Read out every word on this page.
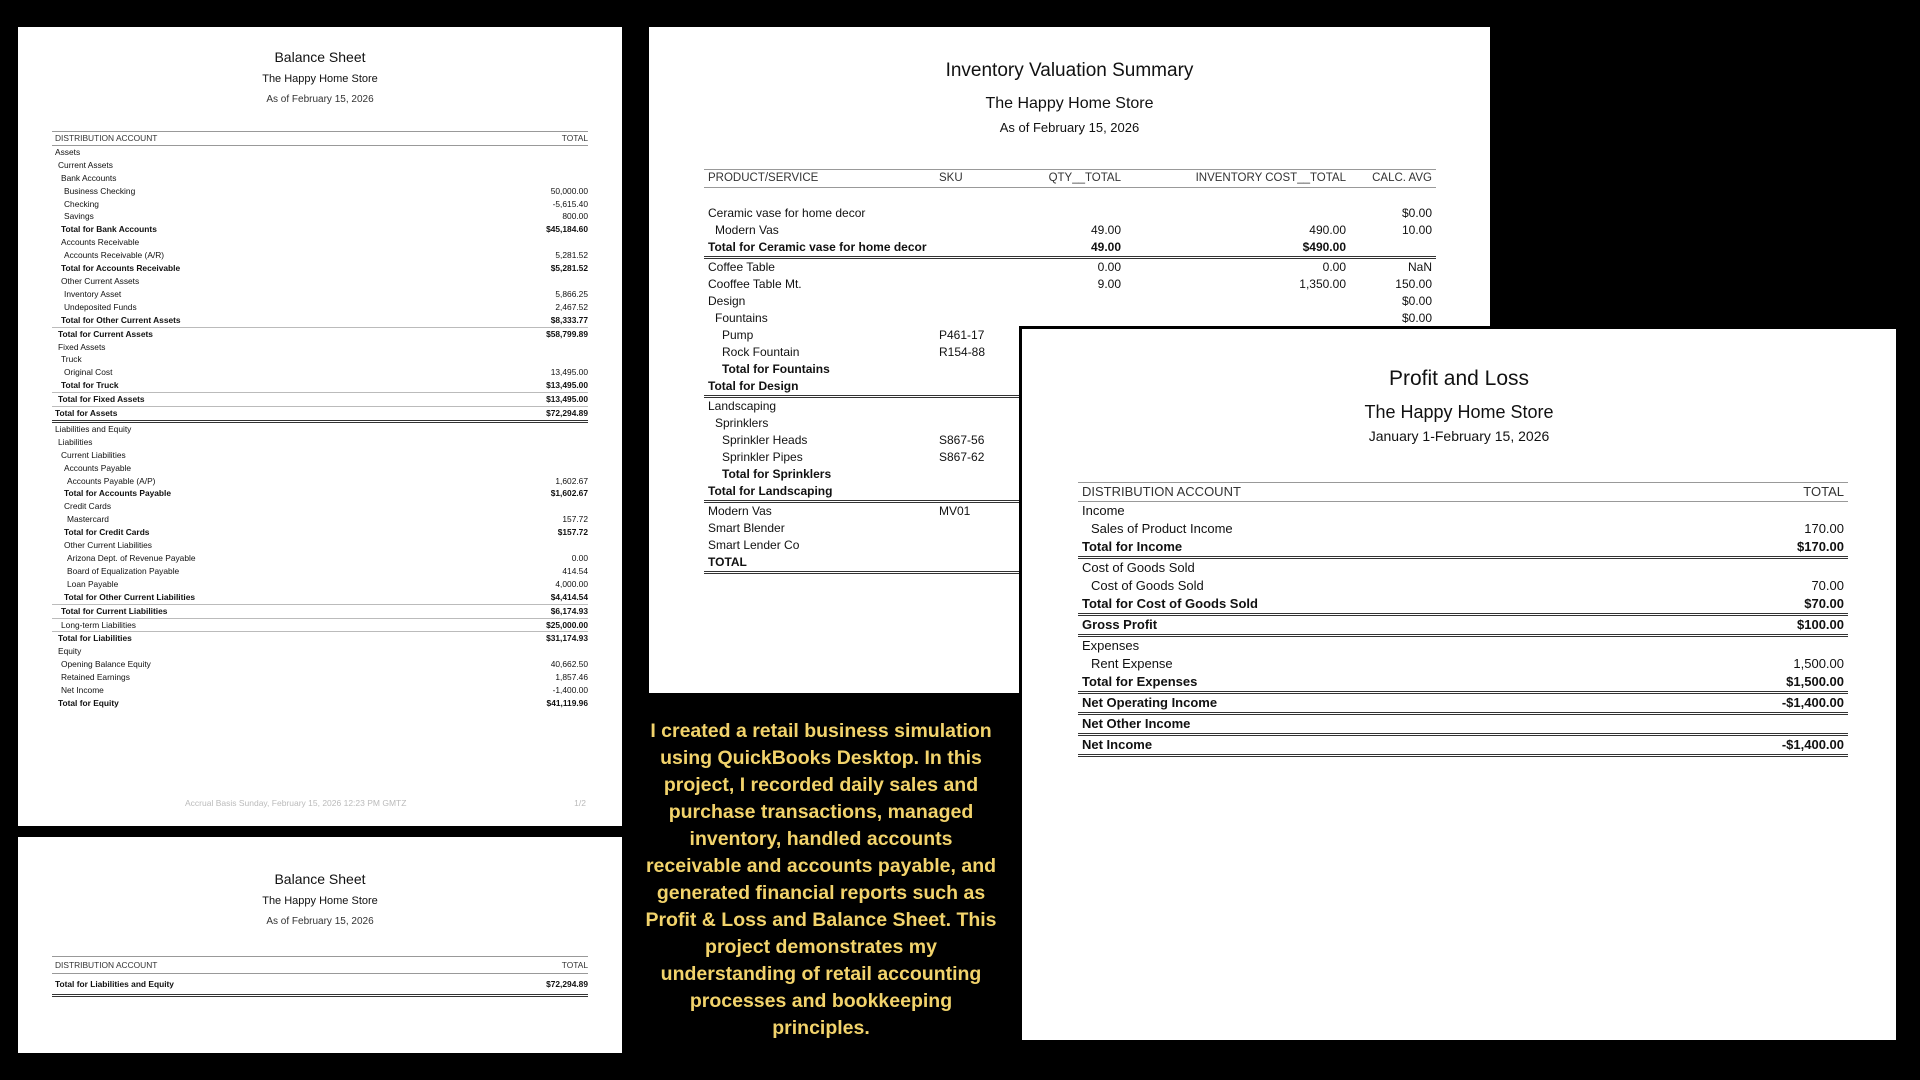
Balance Sheet
The Happy Home Store
As of February 15, 2026
DISTRIBUTION ACCOUNT	TOTAL
Assets	
Current Assets	
Bank Accounts	
Business Checking	50,000.00
Checking	-5,615.40
Savings	800.00
Total for Bank Accounts	$45,184.60
Accounts Receivable	
Accounts Receivable (A/R)	5,281.52
Total for Accounts Receivable	$5,281.52
Other Current Assets	
Inventory Asset	5,866.25
Undeposited Funds	2,467.52
Total for Other Current Assets	$8,333.77
Total for Current Assets	$58,799.89
Fixed Assets	
Truck	
Original Cost	13,495.00
Total for Truck	$13,495.00
Total for Fixed Assets	$13,495.00
Total for Assets	$72,294.89
Liabilities and Equity	
Liabilities	
Current Liabilities	
Accounts Payable	
Accounts Payable (A/P)	1,602.67
Total for Accounts Payable	$1,602.67
Credit Cards	
Mastercard	157.72
Total for Credit Cards	$157.72
Other Current Liabilities	
Arizona Dept. of Revenue Payable	0.00
Board of Equalization Payable	414.54
Loan Payable	4,000.00
Total for Other Current Liabilities	$4,414.54
Total for Current Liabilities	$6,174.93
Long-term Liabilities	$25,000.00
Total for Liabilities	$31,174.93
Equity	
Opening Balance Equity	40,662.50
Retained Earnings	1,857.46
Net Income	-1,400.00
Total for Equity	$41,119.96
Accrual Basis Sunday, February 15, 2026 12:23 PM GMTZ	1/2
Balance Sheet
The Happy Home Store
As of February 15, 2026
DISTRIBUTION ACCOUNT	TOTAL
Total for Liabilities and Equity	$72,294.89
Inventory Valuation Summary
The Happy Home Store
As of February 15, 2026
PRODUCT/SERVICE	SKU	QTY__TOTAL	INVENTORY COST__TOTAL	CALC. AVG

Ceramic vase for home decor				$0.00
Modern Vas		49.00	490.00	10.00
Total for Ceramic vase for home decor		49.00	$490.00	
Coffee Table		0.00	0.00	NaN
Cooffee Table Mt.		9.00	1,350.00	150.00
Design				$0.00
Fountains				$0.00
Pump	P461-17			
Rock Fountain	R154-88			
Total for Fountains				
Total for Design				
Landscaping				
Sprinklers				
Sprinkler Heads	S867-56			
Sprinkler Pipes	S867-62			
Total for Sprinklers				
Total for Landscaping				
Modern Vas	MV01			
Smart Blender				
Smart Lender Co				
TOTAL				
Profit and Loss
The Happy Home Store
January 1-February 15, 2026
DISTRIBUTION ACCOUNT	TOTAL
Income	
Sales of Product Income	170.00
Total for Income	$170.00
Cost of Goods Sold	
Cost of Goods Sold	70.00
Total for Cost of Goods Sold	$70.00
Gross Profit	$100.00
Expenses	
Rent Expense	1,500.00
Total for Expenses	$1,500.00
Net Operating Income	-$1,400.00
Net Other Income	
Net Income	-$1,400.00
I created a retail business simulation using QuickBooks Desktop. In this project, I recorded daily sales and purchase transactions, managed inventory, handled accounts receivable and accounts payable, and generated financial reports such as Profit & Loss and Balance Sheet. This project demonstrates my understanding of retail accounting processes and bookkeeping principles.
